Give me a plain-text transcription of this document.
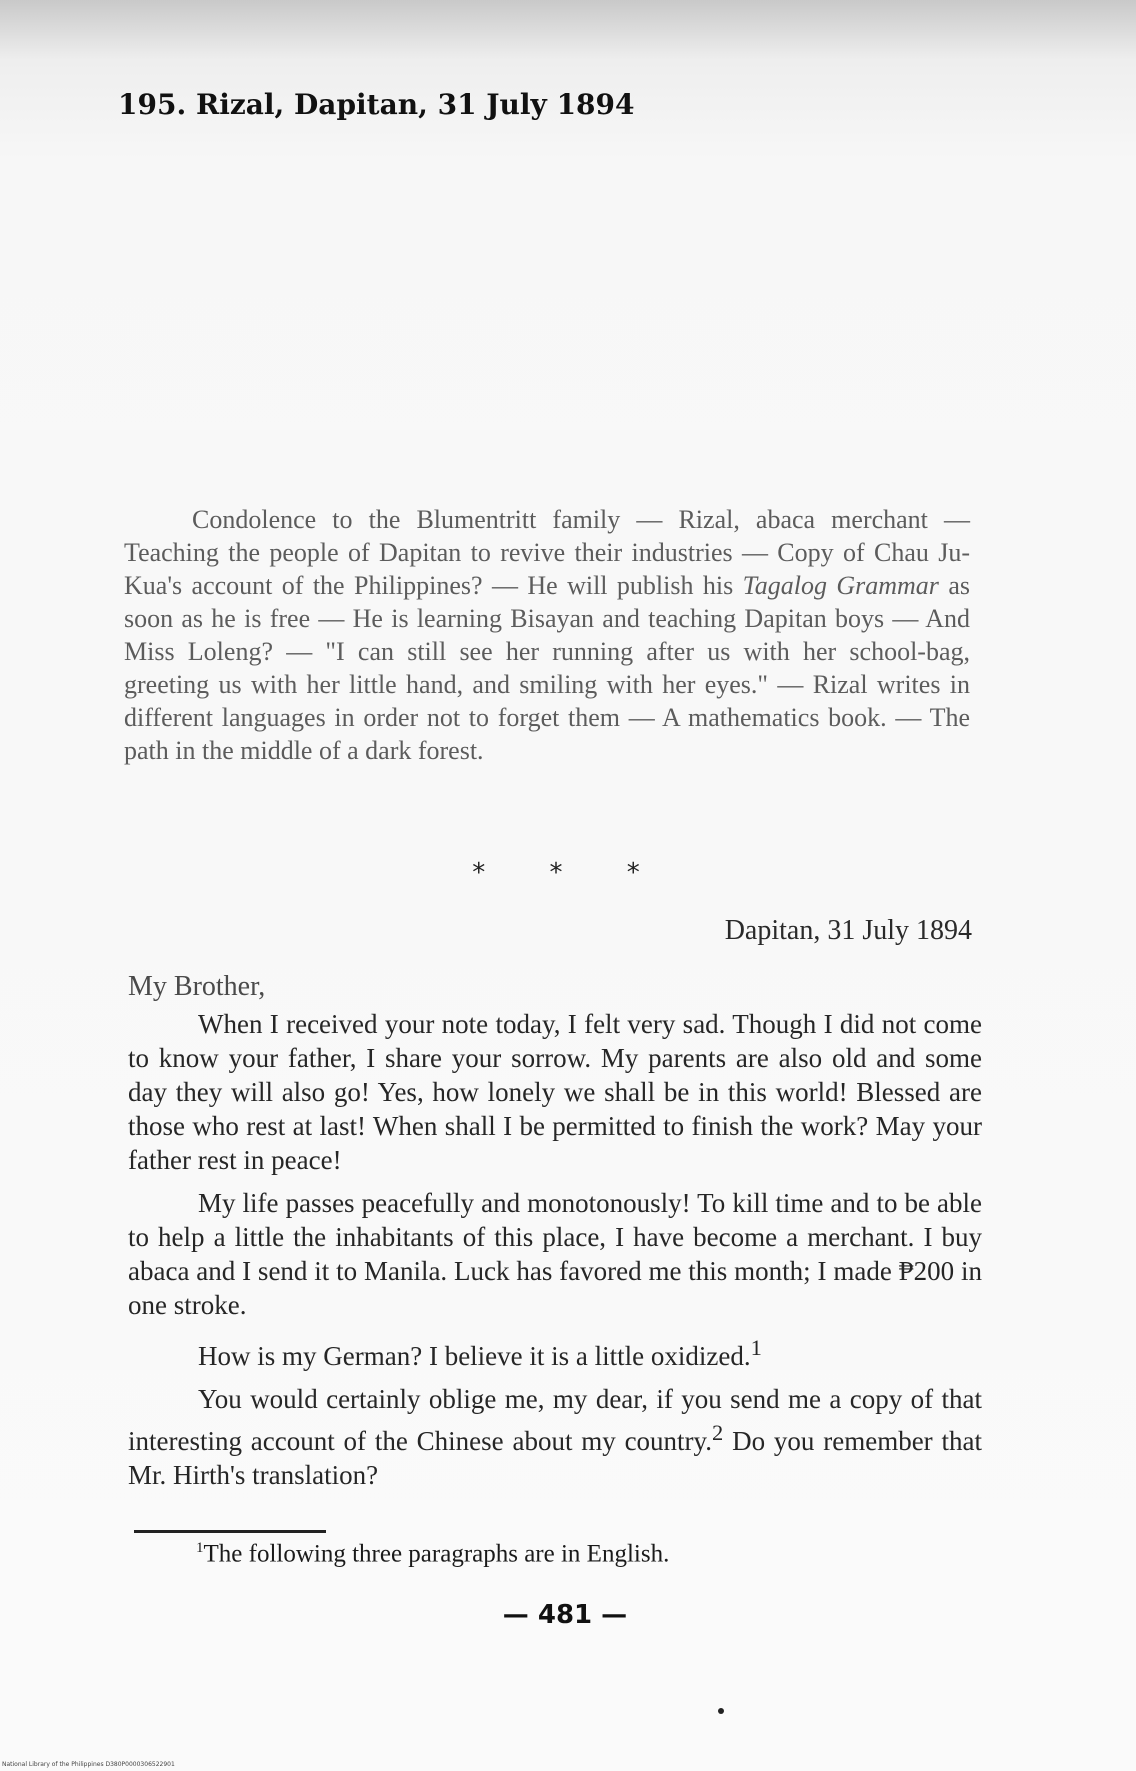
195. Rizal, Dapitan, 31 July 1894
Condolence to the Blumentritt family — Rizal, abaca merchant — Teaching the people of Dapitan to revive their industries — Copy of Chau Ju-Kua's account of the Philippines? — He will publish his Tagalog Grammar as soon as he is free — He is learning Bisayan and teaching Dapitan boys — And Miss Loleng? — "I can still see her running after us with her school-bag, greeting us with her little hand, and smiling with her eyes." — Rizal writes in different languages in order not to forget them — A mathematics book. — The path in the middle of a dark forest.
* * *
Dapitan, 31 July 1894
My Brother,

When I received your note today, I felt very sad. Though I did not come to know your father, I share your sorrow. My parents are also old and some day they will also go! Yes, how lonely we shall be in this world! Blessed are those who rest at last! When shall I be permitted to finish the work? May your father rest in peace!

My life passes peacefully and monotonously! To kill time and to be able to help a little the inhabitants of this place, I have become a merchant. I buy abaca and I send it to Manila. Luck has favored me this month; I made ₱200 in one stroke.

How is my German? I believe it is a little oxidized.$^1$

You would certainly oblige me, my dear, if you send me a copy of that interesting account of the Chinese about my country.$^2$ Do you remember that Mr. Hirth's translation?

$^1$The following three paragraphs are in English.
— 481 —
National Library of the Philippines D380P0000306522901
